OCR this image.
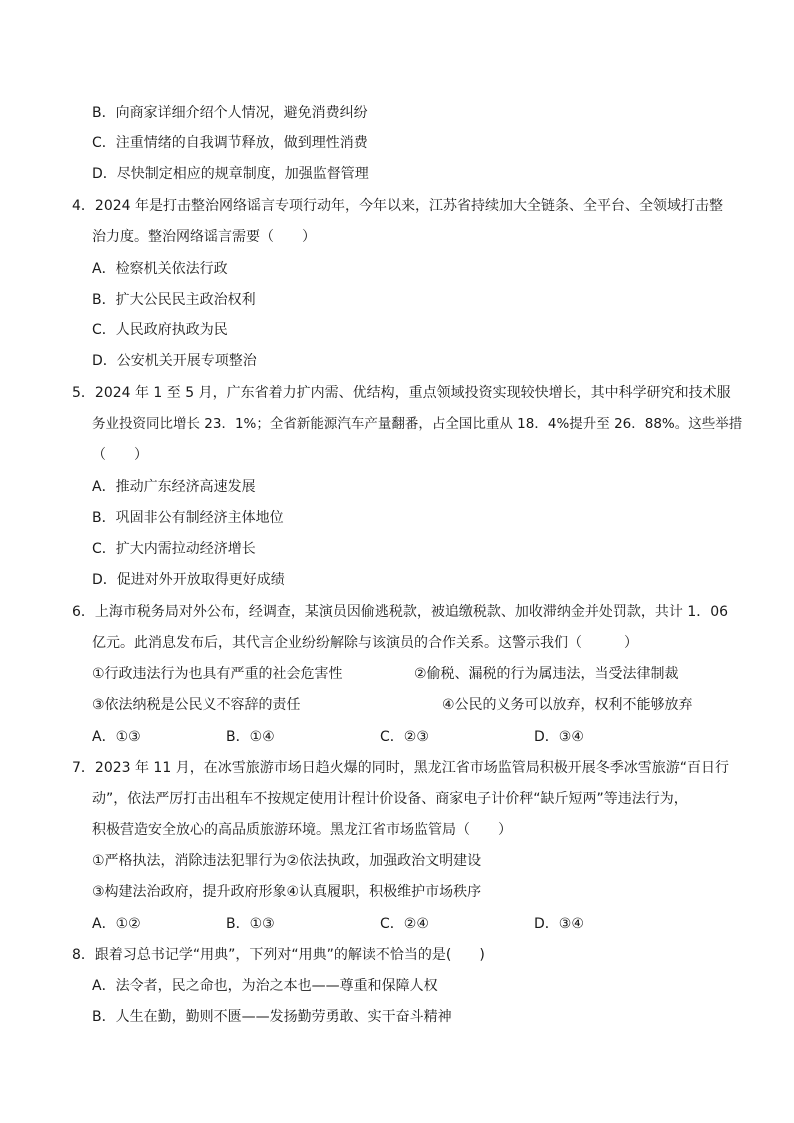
B．向商家详细介绍个人情况，避免消费纠纷
C．注重情绪的自我调节释放，做到理性消费
D．尽快制定相应的规章制度，加强监督管理
4．2024 年是打击整治网络谣言专项行动年，今年以来，江苏省持续加大全链条、全平台、全领域打击整
治力度。整治网络谣言需要（　　）
A．检察机关依法行政
B．扩大公民民主政治权利
C．人民政府执政为民
D．公安机关开展专项整治
5．2024 年 1 至 5 月，广东省着力扩内需、优结构，重点领域投资实现较快增长，其中科学研究和技术服
务业投资同比增长 23．1%；全省新能源汽车产量翻番，占全国比重从 18．4%提升至 26．88%。这些举措
（　　）
A．推动广东经济高速发展
B．巩固非公有制经济主体地位
C．扩大内需拉动经济增长
D．促进对外开放取得更好成绩
6．上海市税务局对外公布，经调查，某演员因偷逃税款，被追缴税款、加收滞纳金并处罚款，共计 1．06
亿元。此消息发布后，其代言企业纷纷解除与该演员的合作关系。这警示我们（　　　）
①行政违法行为也具有严重的社会危害性	②偷税、漏税的行为属违法，当受法律制裁
③依法纳税是公民义不容辞的责任	④公民的义务可以放弃，权利不能够放弃
A．①③	B．①④	C．②③	D．③④
7．2023 年 11 月，在冰雪旅游市场日趋火爆的同时，黑龙江省市场监管局积极开展冬季冰雪旅游“百日行
动”，依法严厉打击出租车不按规定使用计程计价设备、商家电子计价秤“缺斤短两”等违法行为，
积极营造安全放心的高品质旅游环境。黑龙江省市场监管局（　　）
①严格执法，消除违法犯罪行为②依法执政，加强政治文明建设
③构建法治政府，提升政府形象④认真履职，积极维护市场秩序
A．①②	B．①③	C．②④	D．③④
8．跟着习总书记学“用典”，下列对“用典”的解读不恰当的是(　　)
A．法令者，民之命也，为治之本也——尊重和保障人权
B．人生在勤，勤则不匮——发扬勤劳勇敢、实干奋斗精神
